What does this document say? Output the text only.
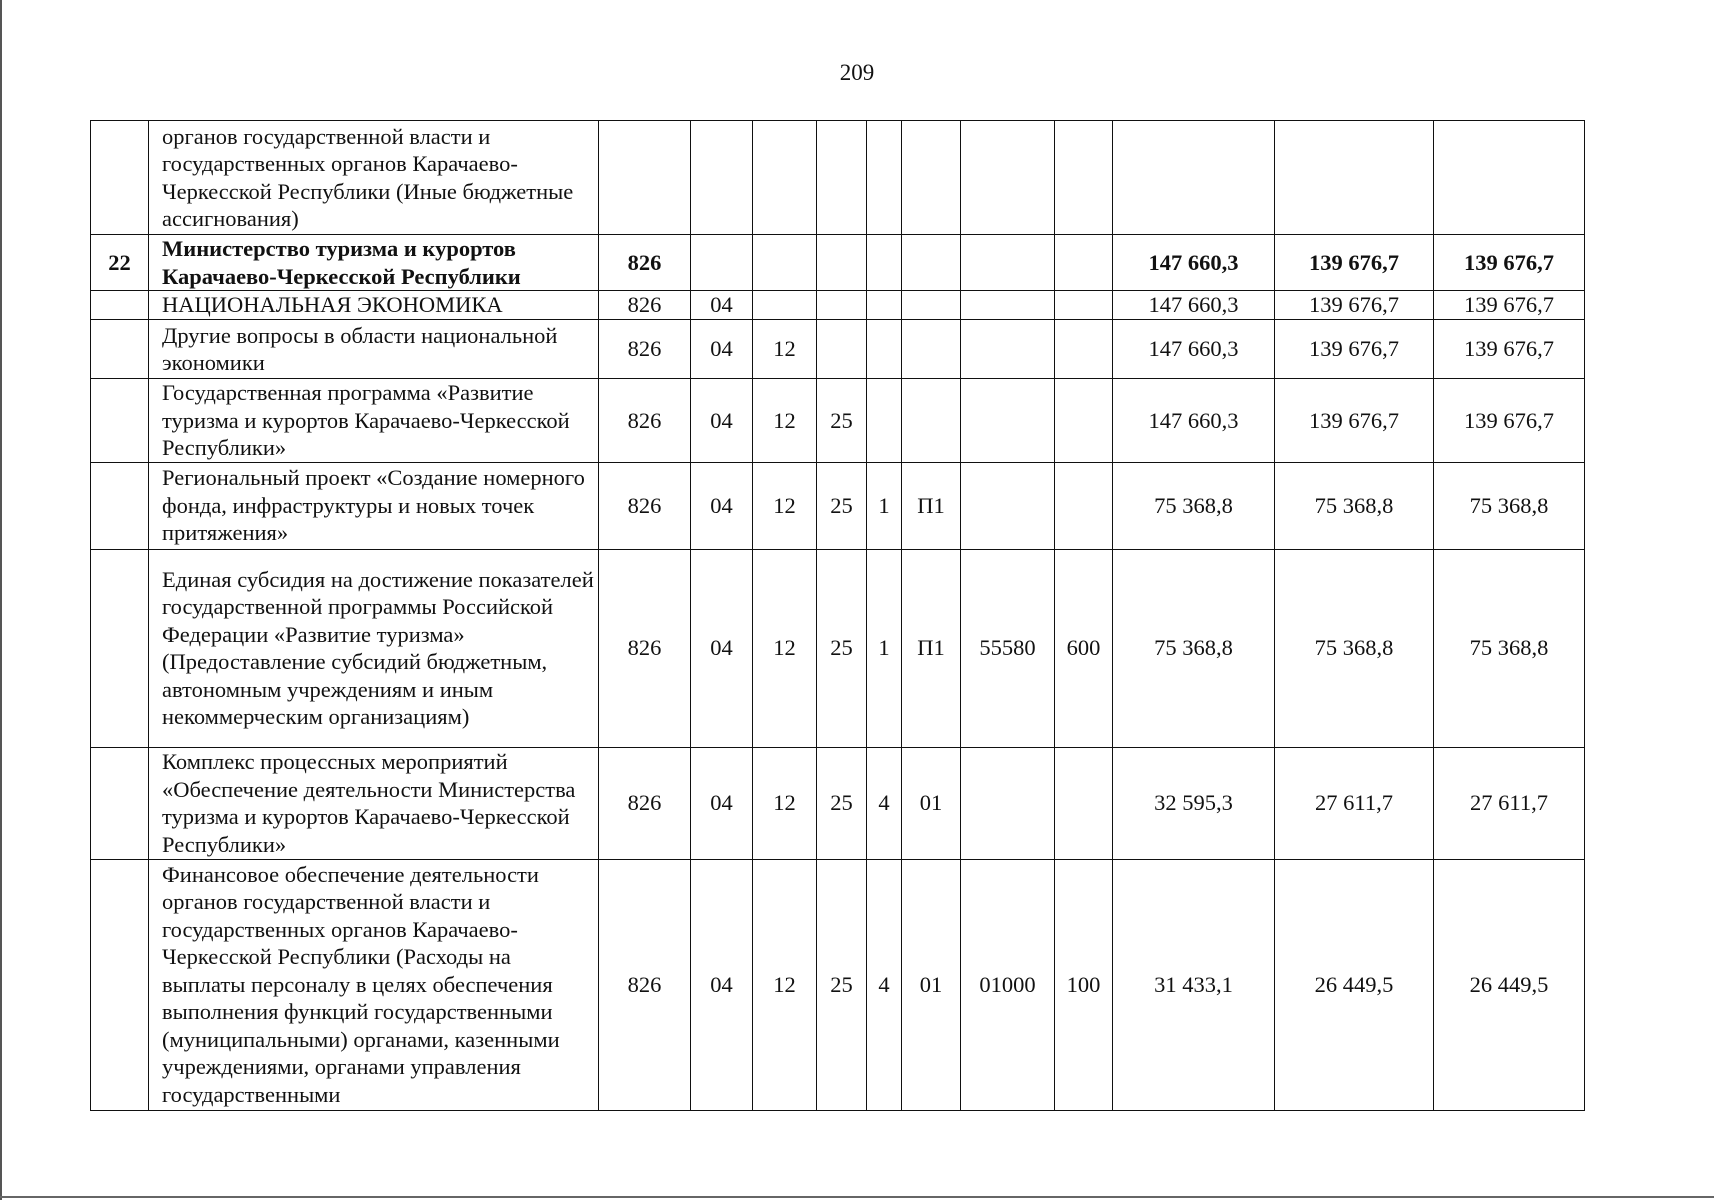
209
	органов государственной власти и государственных органов Карачаево-Черкесской Республики (Иные бюджетные ассигнования)											
22	Министерство туризма и курортов Карачаево-Черкесской Республики	826								147 660,3	139 676,7	139 676,7
	НАЦИОНАЛЬНАЯ ЭКОНОМИКА	826	04							147 660,3	139 676,7	139 676,7
	Другие вопросы в области национальной экономики	826	04	12						147 660,3	139 676,7	139 676,7
	Государственная программа «Развитие туризма и курортов Карачаево-Черкесской Республики»	826	04	12	25					147 660,3	139 676,7	139 676,7
	Региональный проект «Создание номерного фонда, инфраструктуры и новых точек притяжения»	826	04	12	25	1	П1			75 368,8	75 368,8	75 368,8
	Единая субсидия на достижение показателей государственной программы Российской Федерации «Развитие туризма» (Предоставление субсидий бюджетным, автономным учреждениям и иным некоммерческим организациям)	826	04	12	25	1	П1	55580	600	75 368,8	75 368,8	75 368,8
	Комплекс процессных мероприятий «Обеспечение деятельности Министерства туризма и курортов Карачаево-Черкесской Республики»	826	04	12	25	4	01			32 595,3	27 611,7	27 611,7
	Финансовое обеспечение деятельности органов государственной власти и государственных органов Карачаево-Черкесской Республики (Расходы на выплаты персоналу в целях обеспечения выполнения функций государственными (муниципальными) органами, казенными учреждениями, органами управления государственными	826	04	12	25	4	01	01000	100	31 433,1	26 449,5	26 449,5
